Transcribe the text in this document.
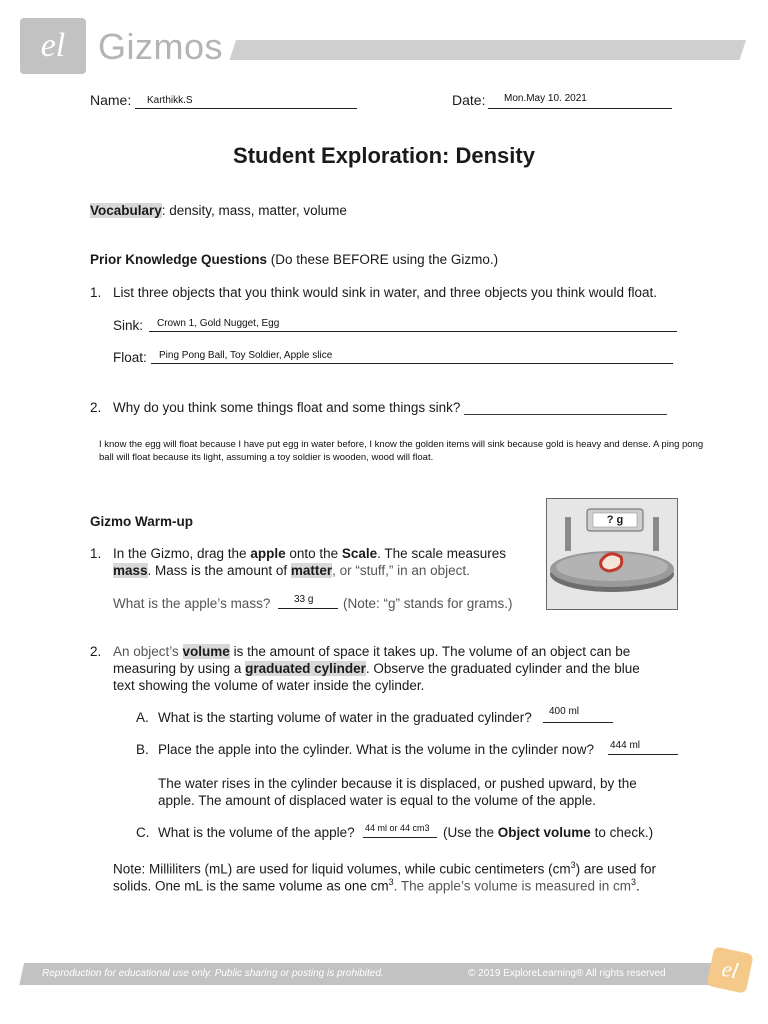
el Gizmos
Name: Karthikk.S	Date: Mon.May 10. 2021
Student Exploration: Density
Vocabulary: density, mass, matter, volume
Prior Knowledge Questions (Do these BEFORE using the Gizmo.)
1. List three objects that you think would sink in water, and three objects you think would float.
Sink: Crown 1, Gold Nugget, Egg
Float: Ping Pong Ball, Toy Soldier, Apple slice
2. Why do you think some things float and some things sink? ___________________________
I know the egg will float because I have put egg in water before, I know the golden items will sink because gold is heavy and dense. A ping pong
ball will float because its light, assuming a toy soldier is wooden, wood will float.
Gizmo Warm-up	? g
1. In the Gizmo, drag the apple onto the Scale. The scale measures
mass. Mass is the amount of matter, or “stuff,” in an object.
What is the apple’s mass? 33 g (Note: “g” stands for grams.)
2. An object’s volume is the amount of space it takes up. The volume of an object can be
measuring by using a graduated cylinder. Observe the graduated cylinder and the blue
text showing the volume of water inside the cylinder.
A. What is the starting volume of water in the graduated cylinder? 400 ml
B. Place the apple into the cylinder. What is the volume in the cylinder now? 444 ml
The water rises in the cylinder because it is displaced, or pushed upward, by the
apple. The amount of displaced water is equal to the volume of the apple.
C. What is the volume of the apple? 44 ml or 44 cm3 (Use the Object volume to check.)
Note: Milliliters (mL) are used for liquid volumes, while cubic centimeters $(cm^3)$ are used for
solids. One mL is the same volume as one $cm^3$. The apple’s volume is measured in $cm^3$.
Reproduction for educational use only. Public sharing or posting is prohibited.	© 2019 ExploreLearning® All rights reserved	el
